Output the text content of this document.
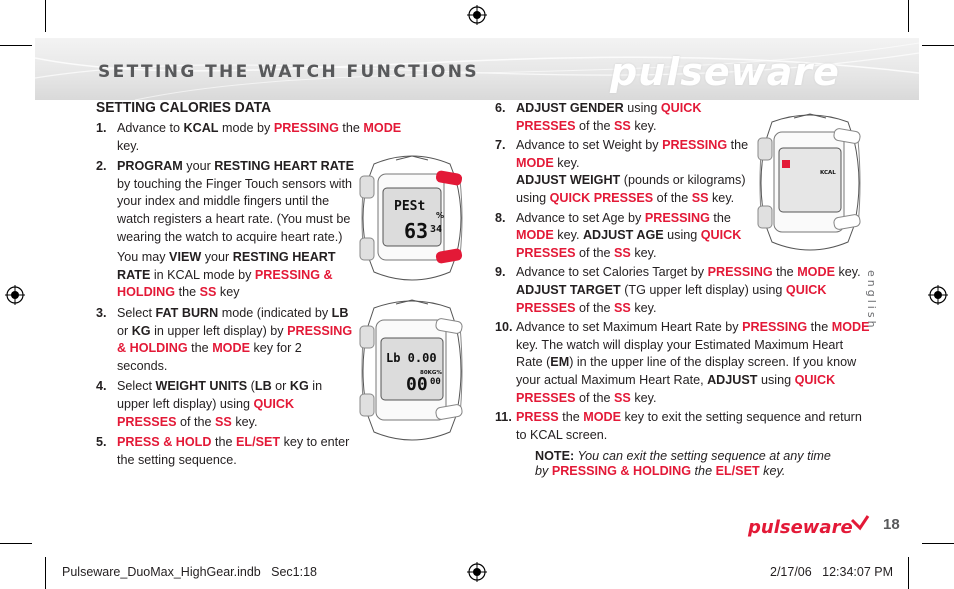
SETTING THE WATCH FUNCTIONS	pulseware
SETTING CALORIES DATA

1. Advance to KCAL mode by PRESSING the MODE key.

2. PROGRAM your RESTING HEART RATE by touching the Finger Touch sensors with your index and middle fingers until the watch registers a heart rate. (You must be wearing the watch to acquire heart rate.)

You may VIEW your RESTING HEART RATE in KCAL mode by PRESSING & HOLDING the SS key

3. Select FAT BURN mode (indicated by LB or KG in upper left display) by PRESSING & HOLDING the MODE key for 2 seconds.

4. Select WEIGHT UNITS (LB or KG in upper left display) using QUICK PRESSES of the SS key.

5. PRESS & HOLD the EL/SET key to enter the setting sequence.

6. ADJUST GENDER using QUICK PRESSES of the SS key.

7. Advance to set Weight by PRESSING the MODE key.

ADJUST WEIGHT (pounds or kilograms) using QUICK PRESSES of the SS key.

8. Advance to set Age by PRESSING the MODE key. ADJUST AGE using QUICK PRESSES of the SS key.

9. Advance to set Calories Target by PRESSING the MODE key. ADJUST TARGET (TG upper left display) using QUICK PRESSES of the SS key.

10. Advance to set Maximum Heart Rate by PRESSING the MODE key. The watch will display your Estimated Maximum Heart Rate (EM) in the upper line of the display screen. If you know your actual Maximum Heart Rate, ADJUST using QUICK PRESSES of the SS key.

11. PRESS the MODE key to exit the setting sequence and return to KCAL screen.

NOTE: You can exit the setting sequence at any time by PRESSING & HOLDING the EL/SET key.

PESt
%
63 34
Lb 0.00
80KG%
00 00
KCAL
english
pulseware 18
Pulseware_DuoMax_HighGear.indb   Sec1:18	2/17/06   12:34:07 PM
